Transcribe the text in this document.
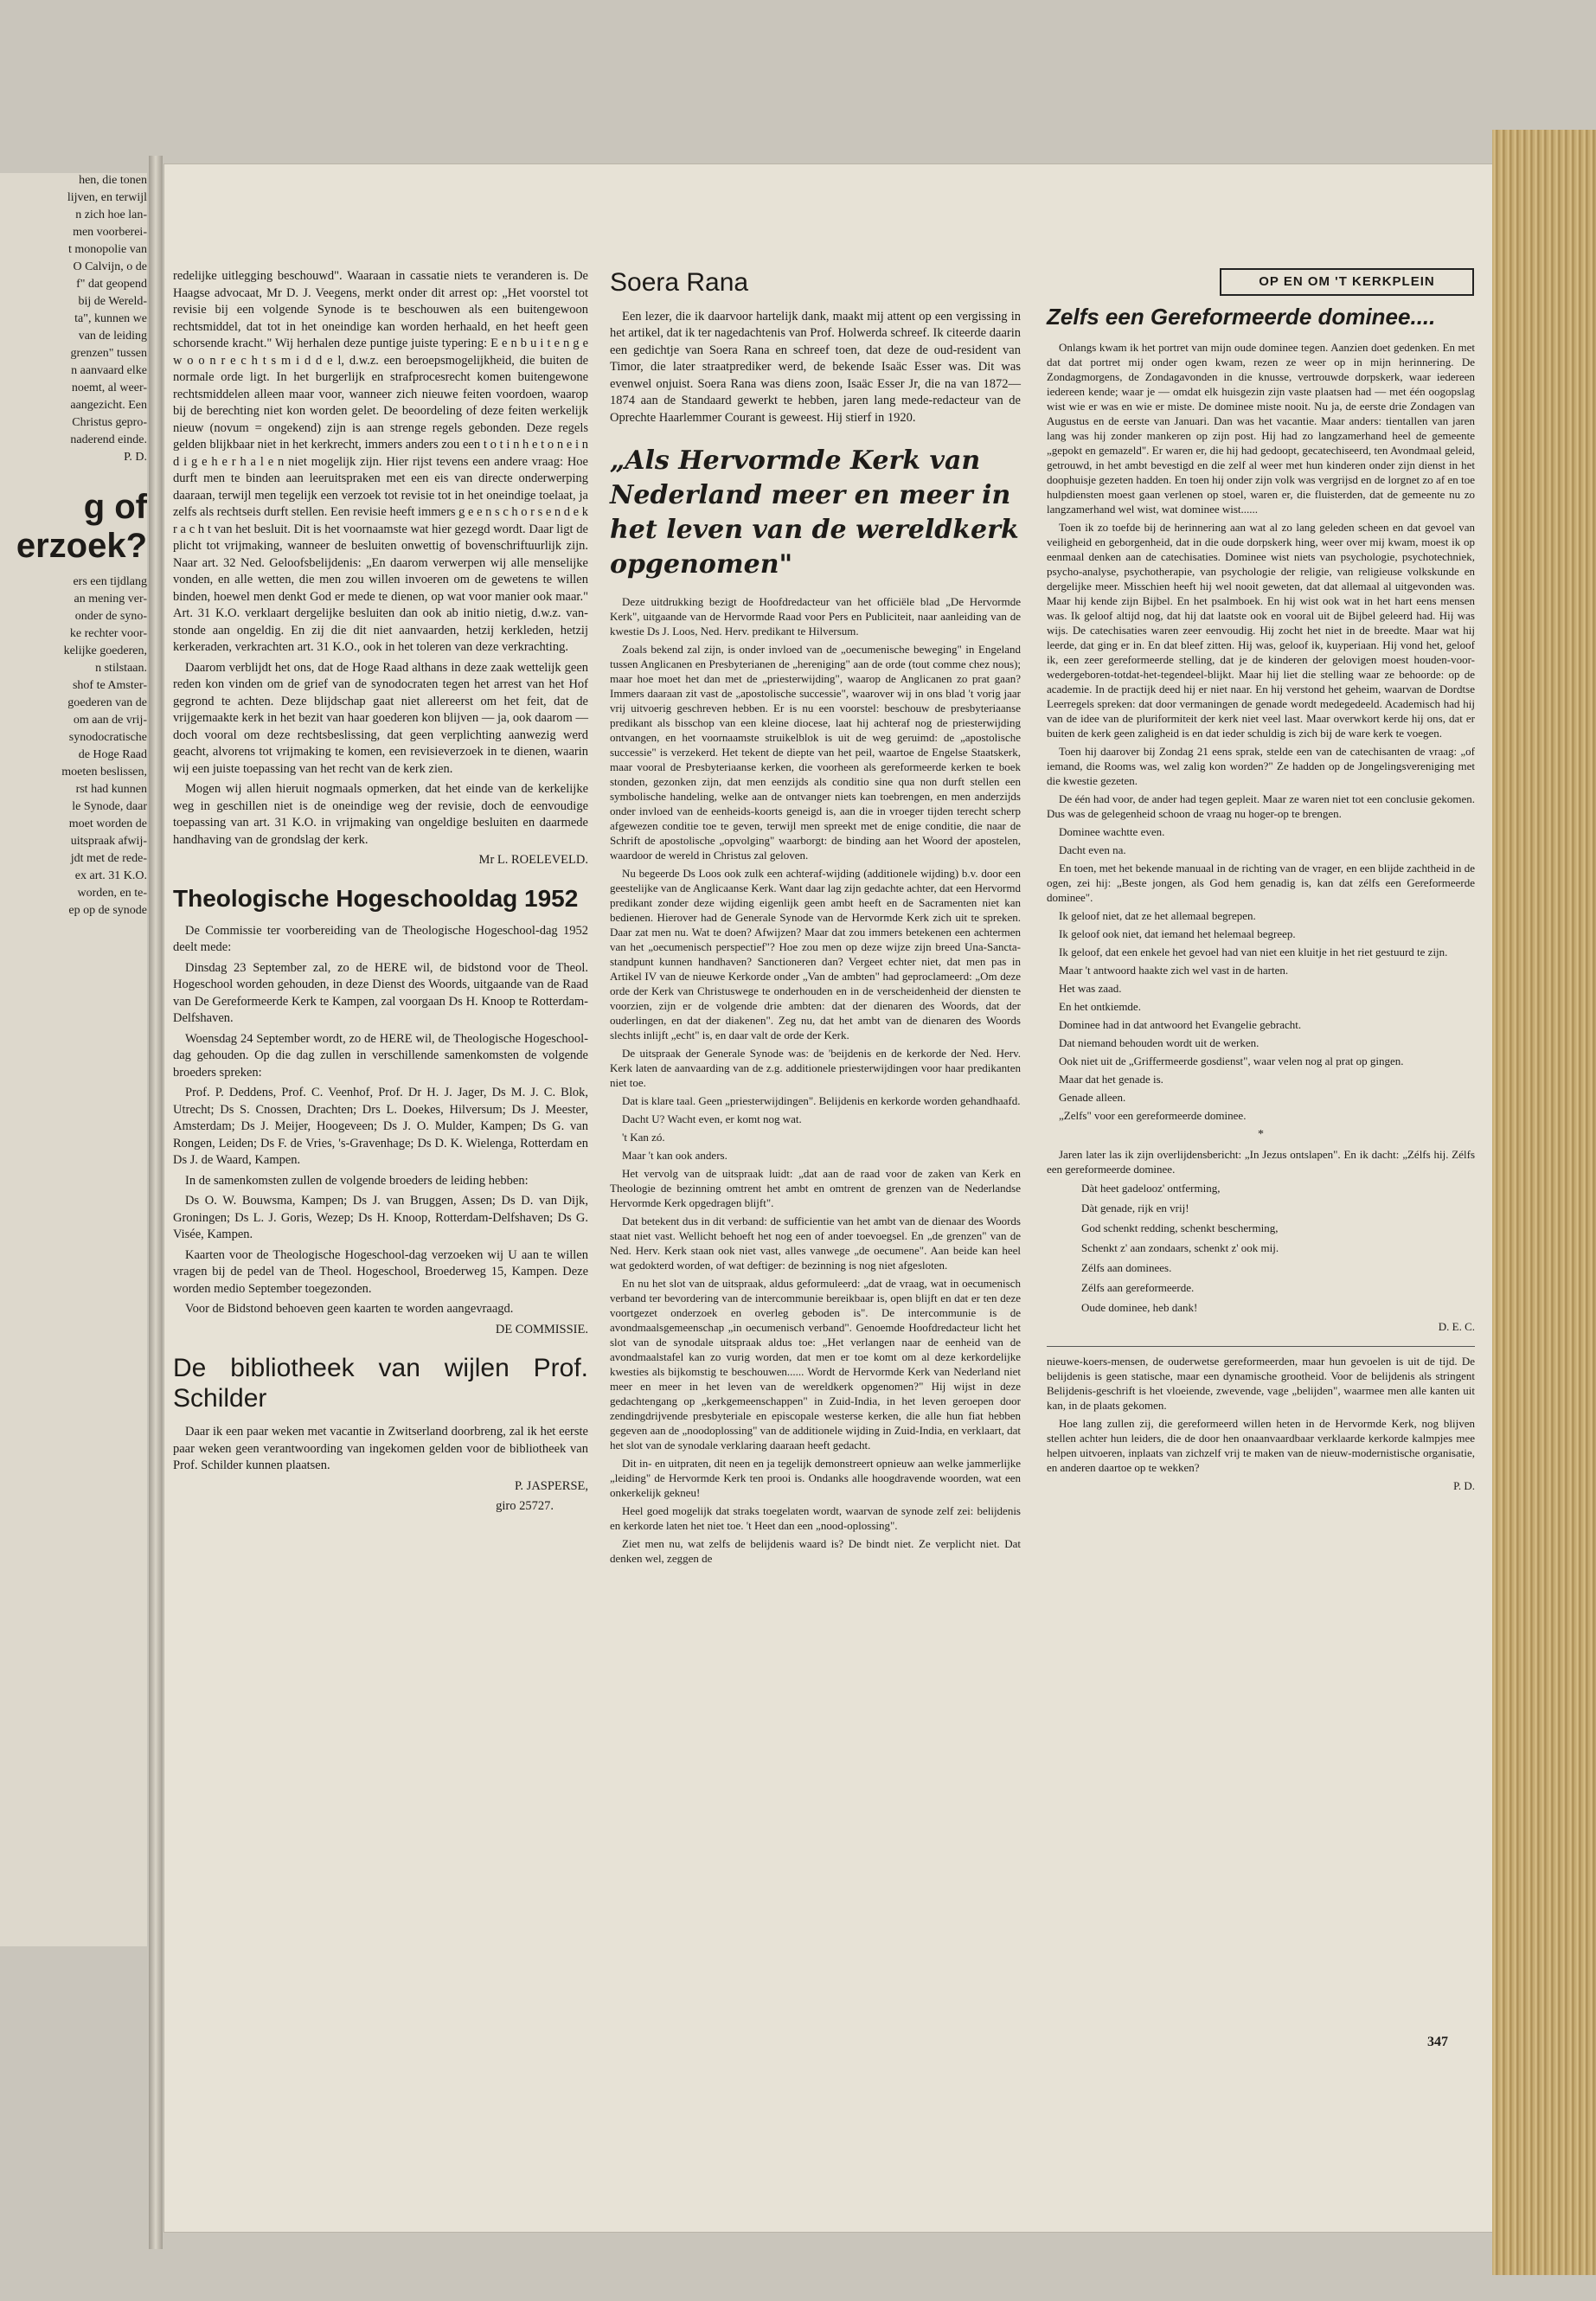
hen, die tonen

lijven, en terwijl

n zich hoe lan-

men voorberei-

t monopolie van

O Calvijn, o de

f" dat geopend

bij de Wereld-

ta", kunnen we

van de leiding

grenzen" tussen

n aanvaard elke

noemt, al weer-

aangezicht. Een

Christus gepro-

naderend einde.

P. D.

g of
erzoek?

ers een tijdlang

an mening ver-

onder de syno-

ke rechter voor-

kelijke goederen,

n stilstaan.

shof te Amster-

goederen van de

om aan de vrij-

synodocratische

de Hoge Raad

moeten beslissen,

rst had kunnen

le Synode, daar

moet worden de

uitspraak afwij-

jdt met de rede-

ex art. 31 K.O.

worden, en te-

ep op de synode

redelijke uitlegging beschouwd". Waaraan in cassatie niets te veranderen is. De Haagse advocaat, Mr D. J. Veegens, merkt onder dit arrest op: „Het voorstel tot revisie bij een volgende Synode is te beschouwen als een buitengewoon rechtsmiddel, dat tot in het oneindige kan worden herhaald, en het heeft geen schorsende kracht." Wij herhalen deze puntige juiste typering: E e n b u i t e n g e w o o n r e c h t s m i d d e l, d.w.z. een beroepsmogelijkheid, die buiten de normale orde ligt. In het burgerlijk en strafprocesrecht komen buitengewone rechtsmiddelen alleen maar voor, wanneer zich nieuwe feiten voordoen, waarop bij de berechting niet kon worden gelet. De beoordeling of deze feiten werkelijk nieuw (novum = ongekend) zijn is aan strenge regels gebonden. Deze regels gelden blijkbaar niet in het kerkrecht, immers anders zou een t o t i n h e t o n e i n d i g e h e r h a l e n niet mogelijk zijn. Hier rijst tevens een andere vraag: Hoe durft men te binden aan leeruitspraken met een eis van directe onderwerping daaraan, terwijl men tegelijk een verzoek tot revisie tot in het oneindige toelaat, ja zelfs als rechtseis durft stellen. Een revisie heeft immers g e e n s c h o r s e n d e k r a c h t van het besluit. Dit is het voornaamste wat hier gezegd wordt. Daar ligt de plicht tot vrijmaking, wanneer de besluiten onwettig of bovenschriftuurlijk zijn. Naar art. 32 Ned. Geloofsbelijdenis: „En daarom verwerpen wij alle menselijke vonden, en alle wetten, die men zou willen invoeren om de gewetens te willen binden, hoewel men denkt God er mede te dienen, op wat voor manier ook maar." Art. 31 K.O. verklaart dergelijke besluiten dan ook ab initio nietig, d.w.z. van-stonde aan ongeldig. En zij die dit niet aanvaarden, hetzij kerkleden, hetzij kerkeraden, verkrachten art. 31 K.O., ook in het toleren van deze verkrachting.

Daarom verblijdt het ons, dat de Hoge Raad althans in deze zaak wettelijk geen reden kon vinden om de grief van de synodocraten tegen het arrest van het Hof gegrond te achten. Deze blijdschap gaat niet allereerst om het feit, dat de vrijgemaakte kerk in het bezit van haar goederen kon blijven — ja, ook daarom — doch vooral om deze rechtsbeslissing, dat geen verplichting aanwezig werd geacht, alvorens tot vrijmaking te komen, een revisieverzoek in te dienen, waarin wij een juiste toepassing van het recht van de kerk zien.

Mogen wij allen hieruit nogmaals opmerken, dat het einde van de kerkelijke weg in geschillen niet is de oneindige weg der revisie, doch de eenvoudige toepassing van art. 31 K.O. in vrijmaking van ongeldige besluiten en daarmede handhaving van de grondslag der kerk.

Mr L. ROELEVELD.

Theologische Hogeschooldag 1952

De Commissie ter voorbereiding van de Theologische Hogeschool-dag 1952 deelt mede:

Dinsdag 23 September zal, zo de HERE wil, de bidstond voor de Theol. Hogeschool worden gehouden, in deze Dienst des Woords, uitgaande van de Raad van De Gereformeerde Kerk te Kampen, zal voorgaan Ds H. Knoop te Rotterdam-Delfshaven.

Woensdag 24 September wordt, zo de HERE wil, de Theologische Hogeschool-dag gehouden. Op die dag zullen in verschillende samenkomsten de volgende broeders spreken:

Prof. P. Deddens, Prof. C. Veenhof, Prof. Dr H. J. Jager, Ds M. J. C. Blok, Utrecht; Ds S. Cnossen, Drachten; Drs L. Doekes, Hilversum; Ds J. Meester, Amsterdam; Ds J. Meijer, Hoogeveen; Ds J. O. Mulder, Kampen; Ds G. van Rongen, Leiden; Ds F. de Vries, 's-Gravenhage; Ds D. K. Wielenga, Rotterdam en Ds J. de Waard, Kampen.

In de samenkomsten zullen de volgende broeders de leiding hebben:

Ds O. W. Bouwsma, Kampen; Ds J. van Bruggen, Assen; Ds D. van Dijk, Groningen; Ds L. J. Goris, Wezep; Ds H. Knoop, Rotterdam-Delfshaven; Ds G. Visée, Kampen.

Kaarten voor de Theologische Hogeschool-dag verzoeken wij U aan te willen vragen bij de pedel van de Theol. Hogeschool, Broederweg 15, Kampen. Deze worden medio September toegezonden.

Voor de Bidstond behoeven geen kaarten te worden aangevraagd.

DE COMMISSIE.

De bibliotheek van wijlen Prof. Schilder

Daar ik een paar weken met vacantie in Zwitserland doorbreng, zal ik het eerste paar weken geen verantwoording van ingekomen gelden voor de bibliotheek van Prof. Schilder kunnen plaatsen.

P. JASPERSE,

giro 25727.

Soera Rana

Een lezer, die ik daarvoor hartelijk dank, maakt mij attent op een vergissing in het artikel, dat ik ter nagedachtenis van Prof. Holwerda schreef. Ik citeerde daarin een gedichtje van Soera Rana en schreef toen, dat deze de oud-resident van Timor, die later straatprediker werd, de bekende Isaäc Esser was. Dit was evenwel onjuist. Soera Rana was diens zoon, Isaäc Esser Jr, die na van 1872—1874 aan de Standaard gewerkt te hebben, jaren lang mede-redacteur van de Oprechte Haarlemmer Courant is geweest. Hij stierf in 1920.

„Als Hervormde Kerk van Nederland meer en meer in het leven van de wereldkerk opgenomen"

Deze uitdrukking bezigt de Hoofdredacteur van het officiële blad „De Hervormde Kerk", uitgaande van de Hervormde Raad voor Pers en Publiciteit, naar aanleiding van de kwestie Ds J. Loos, Ned. Herv. predikant te Hilversum.

Zoals bekend zal zijn, is onder invloed van de „oecumenische beweging" in Engeland tussen Anglicanen en Presbyterianen de „hereniging" aan de orde (tout comme chez nous); maar hoe moet het dan met de „priesterwijding", waarop de Anglicanen zo prat gaan? Immers daaraan zit vast de „apostolische successie", waarover wij in ons blad 't vorig jaar vrij uitvoerig geschreven hebben. Er is nu een voorstel: beschouw de presbyteriaanse predikant als bisschop van een kleine diocese, laat hij achteraf nog de priesterwijding ontvangen, en het voornaamste struikelblok is uit de weg geruimd: de „apostolische successie" is verzekerd. Het tekent de diepte van het peil, waartoe de Engelse Staatskerk, maar vooral de Presbyteriaanse kerken, die voorheen als gereformeerde kerken te boek stonden, gezonken zijn, dat men eenzijds als conditio sine qua non durft stellen een symbolische handeling, welke aan de ontvanger niets kan toebrengen, en men anderzijds onder invloed van de eenheids-koorts geneigd is, aan die in vroeger tijden terecht scherp afgewezen conditie toe te geven, terwijl men spreekt met de enige conditie, die naar de Schrift de apostolische „opvolging" waarborgt: de binding aan het Woord der apostelen, waardoor de wereld in Christus zal geloven.

Nu begeerde Ds Loos ook zulk een achteraf-wijding (additionele wijding) b.v. door een geestelijke van de Anglicaanse Kerk. Want daar lag zijn gedachte achter, dat een Hervormd predikant zonder deze wijding eigenlijk geen ambt heeft en de Sacramenten niet kan bedienen. Hierover had de Generale Synode van de Hervormde Kerk zich uit te spreken. Daar zat men nu. Wat te doen? Afwijzen? Maar dat zou immers betekenen een achtermen van het „oecumenisch perspectief"? Hoe zou men op deze wijze zijn breed Una-Sancta-standpunt kunnen handhaven? Sanctioneren dan? Vergeet echter niet, dat men pas in Artikel IV van de nieuwe Kerkorde onder „Van de ambten" had geproclameerd: „Om deze orde der Kerk van Christuswege te onderhouden en in de verscheidenheid der diensten te voorzien, zijn er de volgende drie ambten: dat der dienaren des Woords, dat der ouderlingen, en dat der diakenen". Zeg nu, dat het ambt van de dienaren des Woords slechts inlijft „echt" is, en daar valt de orde der Kerk.

De uitspraak der Generale Synode was: de 'beijdenis en de kerkorde der Ned. Herv. Kerk laten de aanvaarding van de z.g. additionele priesterwijdingen voor haar predikanten niet toe.

Dat is klare taal. Geen „priesterwijdingen". Belijdenis en kerkorde worden gehandhaafd.

Dacht U? Wacht even, er komt nog wat.

't Kan zó.

Maar 't kan ook anders.

Het vervolg van de uitspraak luidt: „dat aan de raad voor de zaken van Kerk en Theologie de bezinning omtrent het ambt en omtrent de grenzen van de Nederlandse Hervormde Kerk opgedragen blijft".

Dat betekent dus in dit verband: de sufficientie van het ambt van de dienaar des Woords staat niet vast. Wellicht behoeft het nog een of ander toevoegsel. En „de grenzen" van de Ned. Herv. Kerk staan ook niet vast, alles vanwege „de oecumene". Aan beide kan heel wat gedokterd worden, of wat deftiger: de bezinning is nog niet afgesloten.

En nu het slot van de uitspraak, aldus geformuleerd: „dat de vraag, wat in oecumenisch verband ter bevordering van de intercommunie bereikbaar is, open blijft en dat er ten deze voortgezet onderzoek en overleg geboden is". De intercommunie is de avondmaalsgemeenschap „in oecumenisch verband". Genoemde Hoofdredacteur licht het slot van de synodale uitspraak aldus toe: „Het verlangen naar de eenheid van de avondmaalstafel kan zo vurig worden, dat men er toe komt om al deze kerkordelijke kwesties als bijkomstig te beschouwen...... Wordt de Hervormde Kerk van Nederland niet meer en meer in het leven van de wereldkerk opgenomen?" Hij wijst in deze gedachtengang op „kerkgemeenschappen" in Zuid-Indiа, in het leven geroepen door zendingdrijvende presbyteriale en episcopale westerse kerken, die alle hun fiat hebben gegeven aan de „noodoplossing" van de additionele wijding in Zuid-India, en verklaart, dat het slot van de synodale verklaring daaraan heeft gedacht.

Dit in- en uitpraten, dit neen en ja tegelijk demonstreert opnieuw aan welke jammerlijke „leiding" de Hervormde Kerk ten prooi is. Ondanks alle hoogdravende woorden, wat een onkerkelijk gekneu!

Heel goed mogelijk dat straks toegelaten wordt, waarvan de synode zelf zei: belijdenis en kerkorde laten het niet toe. 't Heet dan een „nood-oplossing".

Ziet men nu, wat zelfs de belijdenis waard is? De bindt niet. Ze verplicht niet. Dat denken wel, zeggen de

OP EN OM 'T KERKPLEIN
Zelfs een Gereformeerde dominee....

Onlangs kwam ik het portret van mijn oude dominee tegen. Aanzien doet gedenken. En met dat dat portret mij onder ogen kwam, rezen ze weer op in mijn herinnering. De Zondagmorgens, de Zondagavonden in die knusse, vertrouwde dorpskerk, waar iedereen iedereen kende; waar je — omdat elk huisgezin zijn vaste plaatsen had — met één oogopslag wist wie er was en wie er miste. De dominee miste nooit. Nu ja, de eerste drie Zondagen van Augustus en de eerste van Januari. Dan was het vacantie. Maar anders: tientallen van jaren lang was hij zonder mankeren op zijn post. Hij had zo langzamerhand heel de gemeente „gepokt en gemazeld". Er waren er, die hij had gedoopt, gecatechiseerd, ten Avondmaal geleid, getrouwd, in het ambt bevestigd en die zelf al weer met hun kinderen onder zijn dienst in het doophuisje gezeten hadden. En toen hij onder zijn volk was vergrijsd en de lorgnet zo af en toe hulpdiensten moest gaan verlenen op stoel, waren er, die fluisterden, dat de gemeente nu zo langzamerhand wel wist, wat dominee wist......

Toen ik zo toefde bij de herinnering aan wat al zo lang geleden scheen en dat gevoel van veiligheid en geborgenheid, dat in die oude dorpskerk hing, weer over mij kwam, moest ik op eenmaal denken aan de catechisaties. Dominee wist niets van psychologie, psychotechniek, psycho-analyse, psychotherapie, van psychologie der religie, van religieuse volkskunde en dergelijke meer. Misschien heeft hij wel nooit geweten, dat dat allemaal al uitgevonden was. Maar hij kende zijn Bijbel. En het psalmboek. En hij wist ook wat in het hart eens mensen was. Ik geloof altijd nog, dat hij dat laatste ook en vooral uit de Bijbel geleerd had. Hij was wijs. De catechisaties waren zeer eenvoudig. Hij zocht het niet in de breedte. Maar wat hij leerde, dat ging er in. En dat bleef zitten. Hij was, geloof ik, kuyperiaan. Hij vond het, geloof ik, een zeer gereformeerde stelling, dat je de kinderen der gelovigen moest houden-voor-wedergeboren-totdat-het-tegendeel-blijkt. Maar hij liet die stelling waar ze behoorde: op de academie. In de practijk deed hij er niet naar. En hij verstond het geheim, waarvan de Dordtse Leerregels spreken: dat door vermaningen de genade wordt medegedeeld. Academisch had hij van de idee van de pluriformiteit der kerk niet veel last. Maar overwkort kerde hij ons, dat er buiten de kerk geen zaligheid is en dat ieder schuldig is zich bij de ware kerk te voegen.

Toen hij daarover bij Zondag 21 eens sprak, stelde een van de catechisanten de vraag: „of iemand, die Rooms was, wel zalig kon worden?" Ze hadden op de Jongelingsvereniging met die kwestie gezeten.

De één had voor, de ander had tegen gepleit. Maar ze waren niet tot een conclusie gekomen. Dus was de gelegenheid schoon de vraag nu hoger-op te brengen.

Dominee wachtte even.

Dacht even na.

En toen, met het bekende manuaal in de richting van de vrager, en een blijde zachtheid in de ogen, zei hij: „Beste jongen, als God hem genadig is, kan dat zélfs een Gereformeerde dominee".

Ik geloof niet, dat ze het allemaal begrepen.

Ik geloof ook niet, dat iemand het helemaal begreep.

Ik geloof, dat een enkele het gevoel had van niet een kluitje in het riet gestuurd te zijn.

Maar 't antwoord haakte zich wel vast in de harten.

Het was zaad.

En het ontkiemde.

Dominee had in dat antwoord het Evangelie gebracht.

Dat niemand behouden wordt uit de werken.

Ook niet uit de „Griffermeerde gosdienst", waar velen nog al prat op gingen.

Maar dat het genade is.

Genade alleen.

„Zelfs" voor een gereformeerde dominee.

*

Jaren later las ik zijn overlijdensbericht: „In Jezus ontslapen". En ik dacht: „Zélfs hij. Zélfs een gereformeerde dominee.

Dàt heet gadelooz' ontferming,

Dàt genade, rijk en vrij!

God schenkt redding, schenkt bescherming,

Schenkt z' aan zondaars, schenkt z' ook mij.

Zélfs aan dominees.

Zélfs aan gereformeerde.

Oude dominee, heb dank!

D. E. C.

nieuwe-koers-mensen, de ouderwetse gereformeerden, maar hun gevoelen is uit de tijd. De belijdenis is geen statische, maar een dynamische grootheid. Voor de belijdenis als stringent Belijdenis-geschrift is het vloeiende, zwevende, vage „belijden", waarmee men alle kanten uit kan, in de plaats gekomen.

Hoe lang zullen zij, die gereformeerd willen heten in de Hervormde Kerk, nog blijven stellen achter hun leiders, die de door hen onaanvaardbaar verklaarde kerkorde kalmpjes mee helpen uitvoeren, inplaats van zichzelf vrij te maken van de nieuw-modernistische organisatie, en anderen daartoe op te wekken?

P. D.

347
